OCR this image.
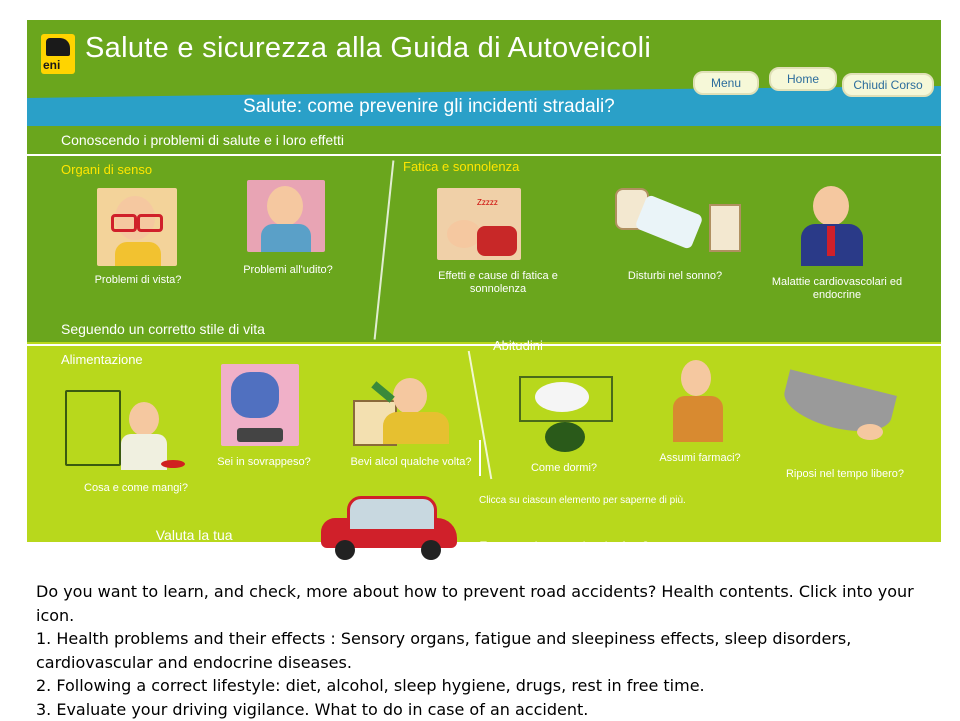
eni
Salute e sicurezza alla Guida di Autoveicoli
Salute: come prevenire gli incidenti stradali?
Menu	Home	Chiudi Corso
Conoscendo i problemi di salute e i loro effetti
Organi di senso	Fatica e sonnolenza
Problemi di vista?
Problemi all'udito?
Zzzzz
Effetti e cause di fatica e sonnolenza
Disturbi nel sonno?	Malattie cardiovascolari ed endocrine
Seguendo un corretto stile di vita
Alimentazione
Abitudini
Cosa e come mangi?
Sei in sovrappeso?	Bevi alcol qualche volta?	Come dormi?
Assumi farmaci?
Riposi nel tempo libero?
Clicca su ciascun elemento per saperne di più.
Valuta la tua
vigilanza alla guida	> E se proprio succede, che fare?

Do you want to learn, and check, more about how to prevent road accidents? Health contents. Click into your icon.

1. Health problems and their effects : Sensory organs, fatigue and sleepiness effects, sleep disorders, cardiovascular and endocrine diseases.

2. Following a correct lifestyle: diet, alcohol, sleep hygiene, drugs, rest in free time.

3. Evaluate your driving vigilance. What to do in case of an accident.
